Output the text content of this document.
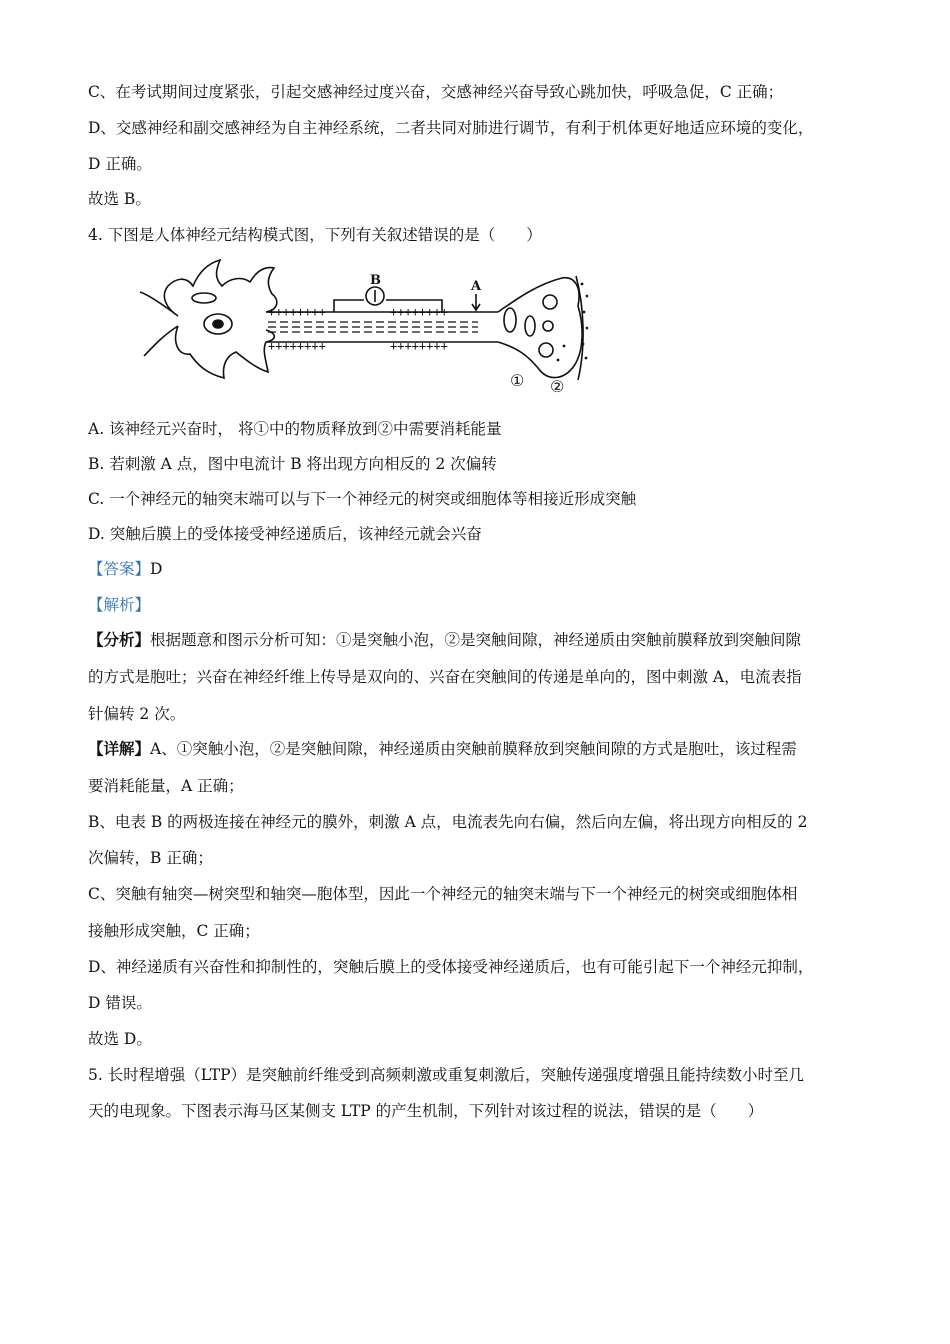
C、在考试期间过度紧张，引起交感神经过度兴奋，交感神经兴奋导致心跳加快，呼吸急促，C 正确；
D、交感神经和副交感神经为自主神经系统，二者共同对肺进行调节，有利于机体更好地适应环境的变化，
D 正确。
故选 B。
4. 下图是人体神经元结构模式图，下列有关叙述错误的是（　　）
++++++++	++++++++
++++++++	++++++++
B	A
① ②
A. 该神经元兴奋时， 将①中的物质释放到②中需要消耗能量
B. 若刺激 A 点，图中电流计 B 将出现方向相反的 2 次偏转
C. 一个神经元的轴突末端可以与下一个神经元的树突或细胞体等相接近形成突触
D. 突触后膜上的受体接受神经递质后，该神经元就会兴奋
【答案】D
【解析】
【分析】根据题意和图示分析可知：①是突触小泡，②是突触间隙，神经递质由突触前膜释放到突触间隙
的方式是胞吐；兴奋在神经纤维上传导是双向的、兴奋在突触间的传递是单向的，图中刺激 A，电流表指
针偏转 2 次。
【详解】A、①突触小泡，②是突触间隙，神经递质由突触前膜释放到突触间隙的方式是胞吐，该过程需
要消耗能量，A 正确；
B、电表 B 的两极连接在神经元的膜外，刺激 A 点，电流表先向右偏，然后向左偏，将出现方向相反的 2
次偏转，B 正确；
C、突触有轴突—树突型和轴突—胞体型，因此一个神经元的轴突末端与下一个神经元的树突或细胞体相
接触形成突触，C 正确；
D、神经递质有兴奋性和抑制性的，突触后膜上的受体接受神经递质后，也有可能引起下一个神经元抑制，
D 错误。
故选 D。
5. 长时程增强（LTP）是突触前纤维受到高频刺激或重复刺激后，突触传递强度增强且能持续数小时至几
天的电现象。下图表示海马区某侧支 LTP 的产生机制，下列针对该过程的说法，错误的是（　　）
